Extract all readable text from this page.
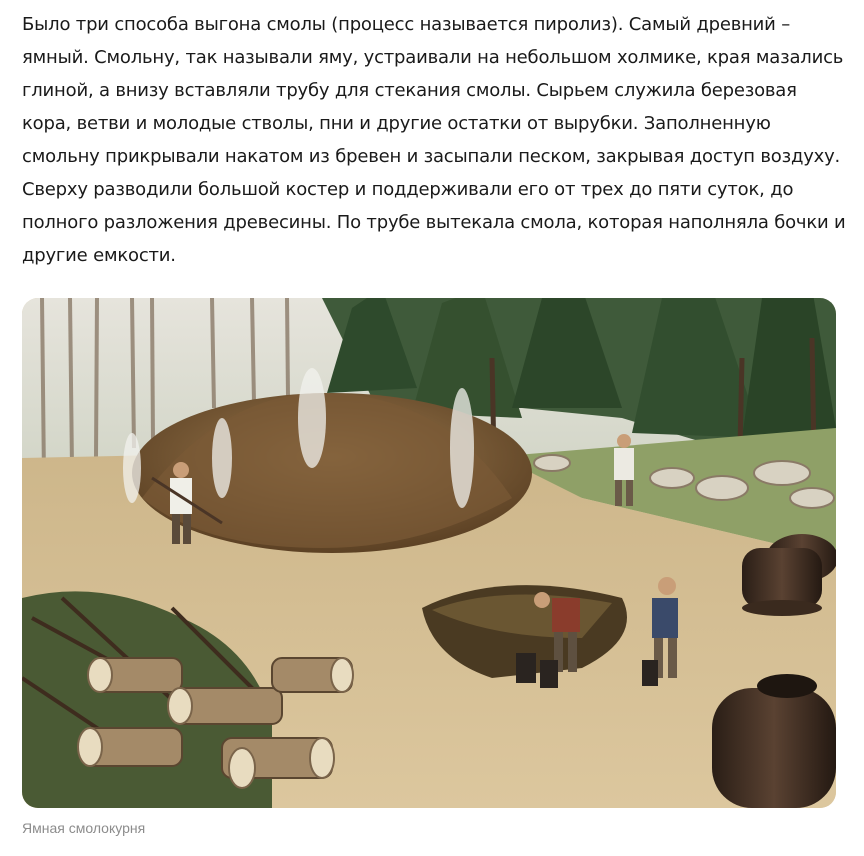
Было три способа выгона смолы (процесс называется пиролиз). Самый древний – ямный. Смольну, так называли яму, устраивали на небольшом холмике, края мазались глиной, а внизу вставляли трубу для стекания смолы. Сырьем служила березовая кора, ветви и молодые стволы, пни и другие остатки от вырубки. Заполненную смольну прикрывали накатом из бревен и засыпали песком, закрывая доступ воздуху. Сверху разводили большой костер и поддерживали его от трех до пяти суток, до полного разложения древесины. По трубе вытекала смола, которая наполняла бочки и другие емкости.

Ямная смолокурня
